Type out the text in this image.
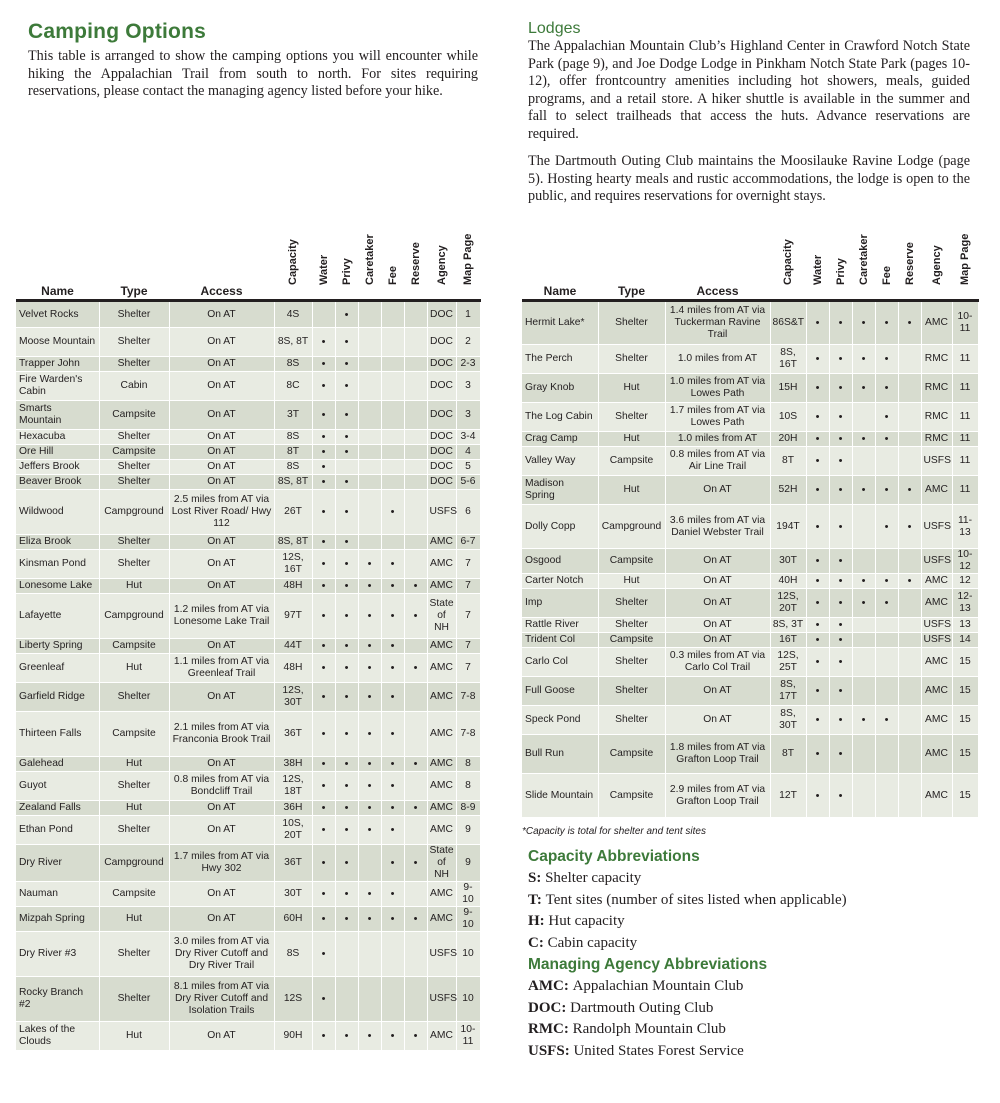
Camping Options

This table is arranged to show the camping options you will encounter while hiking the Appalachian Trail from south to north. For sites requiring reservations, please contact the managing agency listed before your hike.

Lodges

The Appalachian Mountain Club’s Highland Center in Crawford Notch State Park (page 9), and Joe Dodge Lodge in Pinkham Notch State Park (pages 10-12), offer frontcountry amenities including hot showers, meals, guided programs, and a retail store. A hiker shuttle is available in the summer and fall to select trailheads that access the huts. Advance reservations are required.

The Dartmouth Outing Club maintains the Moosilauke Ravine Lodge (page 5). Hosting hearty meals and rustic accommodations, the lodge is open to the public, and requires reservations for overnight stays.

Name	Type	Access	Capacity	Water	Privy	Caretaker	Fee	Reserve	Agency	Map Page

Velvet Rocks	Shelter	On AT	4S		•				DOC	1
Moose Mountain	Shelter	On AT	8S, 8T	•	•				DOC	2
Trapper John	Shelter	On AT	8S	•	•				DOC	2-3
Fire Warden's Cabin	Cabin	On AT	8C	•	•				DOC	3
Smarts Mountain	Campsite	On AT	3T	•	•				DOC	3
Hexacuba	Shelter	On AT	8S	•	•				DOC	3-4
Ore Hill	Campsite	On AT	8T	•	•				DOC	4
Jeffers Brook	Shelter	On AT	8S	•					DOC	5
Beaver Brook	Shelter	On AT	8S, 8T	•	•				DOC	5-6
Wildwood	Campground	2.5 miles from AT via Lost River Road/ Hwy 112	26T	•	•		•		USFS	6
Eliza Brook	Shelter	On AT	8S, 8T	•	•				AMC	6-7
Kinsman Pond	Shelter	On AT	12S, 16T	•	•	•	•		AMC	7
Lonesome Lake	Hut	On AT	48H	•	•	•	•	•	AMC	7
Lafayette	Campground	1.2 miles from AT via Lonesome Lake Trail	97T	•	•	•	•	•	State of NH	7
Liberty Spring	Campsite	On AT	44T	•	•	•	•		AMC	7
Greenleaf	Hut	1.1 miles from AT via Greenleaf Trail	48H	•	•	•	•	•	AMC	7
Garfield Ridge	Shelter	On AT	12S, 30T	•	•	•	•		AMC	7-8
Thirteen Falls	Campsite	2.1 miles from AT via Franconia Brook Trail	36T	•	•	•	•		AMC	7-8
Galehead	Hut	On AT	38H	•	•	•	•	•	AMC	8
Guyot	Shelter	0.8 miles from AT via Bondcliff Trail	12S, 18T	•	•	•	•		AMC	8
Zealand Falls	Hut	On AT	36H	•	•	•	•	•	AMC	8-9
Ethan Pond	Shelter	On AT	10S, 20T	•	•	•	•		AMC	9
Dry River	Campground	1.7 miles from AT via Hwy 302	36T	•	•		•	•	State of NH	9
Nauman	Campsite	On AT	30T	•	•	•	•		AMC	9-10
Mizpah Spring	Hut	On AT	60H	•	•	•	•	•	AMC	9-10
Dry River #3	Shelter	3.0 miles from AT via Dry River Cutoff and Dry River Trail	8S	•					USFS	10
Rocky Branch #2	Shelter	8.1 miles from AT via Dry River Cutoff and Isolation Trails	12S	•					USFS	10
Lakes of the Clouds	Hut	On AT	90H	•	•	•	•	•	AMC	10-11
Name	Type	Access	Capacity	Water	Privy	Caretaker	Fee	Reserve	Agency	Map Page

Hermit Lake*	Shelter	1.4 miles from AT via Tuckerman Ravine Trail	86S&T	•	•	•	•	•	AMC	10-11
The Perch	Shelter	1.0 miles from AT	8S, 16T	•	•	•	•		RMC	11
Gray Knob	Hut	1.0 miles from AT via Lowes Path	15H	•	•	•	•		RMC	11
The Log Cabin	Shelter	1.7 miles from AT via Lowes Path	10S	•	•		•		RMC	11
Crag Camp	Hut	1.0 miles from AT	20H	•	•	•	•		RMC	11
Valley Way	Campsite	0.8 miles from AT via Air Line Trail	8T	•	•				USFS	11
Madison Spring	Hut	On AT	52H	•	•	•	•	•	AMC	11
Dolly Copp	Campground	3.6 miles from AT via Daniel Webster Trail	194T	•	•		•	•	USFS	11-13
Osgood	Campsite	On AT	30T	•	•				USFS	10-12
Carter Notch	Hut	On AT	40H	•	•	•	•	•	AMC	12
Imp	Shelter	On AT	12S, 20T	•	•	•	•		AMC	12-13
Rattle River	Shelter	On AT	8S, 3T	•	•				USFS	13
Trident Col	Campsite	On AT	16T	•	•				USFS	14
Carlo Col	Shelter	0.3 miles from AT via Carlo Col Trail	12S, 25T	•	•				AMC	15
Full Goose	Shelter	On AT	8S, 17T	•	•				AMC	15
Speck Pond	Shelter	On AT	8S, 30T	•	•	•	•		AMC	15
Bull Run	Campsite	1.8 miles from AT via Grafton Loop Trail	8T	•	•				AMC	15
Slide Mountain	Campsite	2.9 miles from AT via Grafton Loop Trail	12T	•	•				AMC	15
*Capacity is total for shelter and tent sites
Capacity Abbreviations
S: Shelter capacity
T: Tent sites (number of sites listed when applicable)
H: Hut capacity
C: Cabin capacity
Managing Agency Abbreviations
AMC: Appalachian Mountain Club
DOC: Dartmouth Outing Club
RMC: Randolph Mountain Club
USFS: United States Forest Service
